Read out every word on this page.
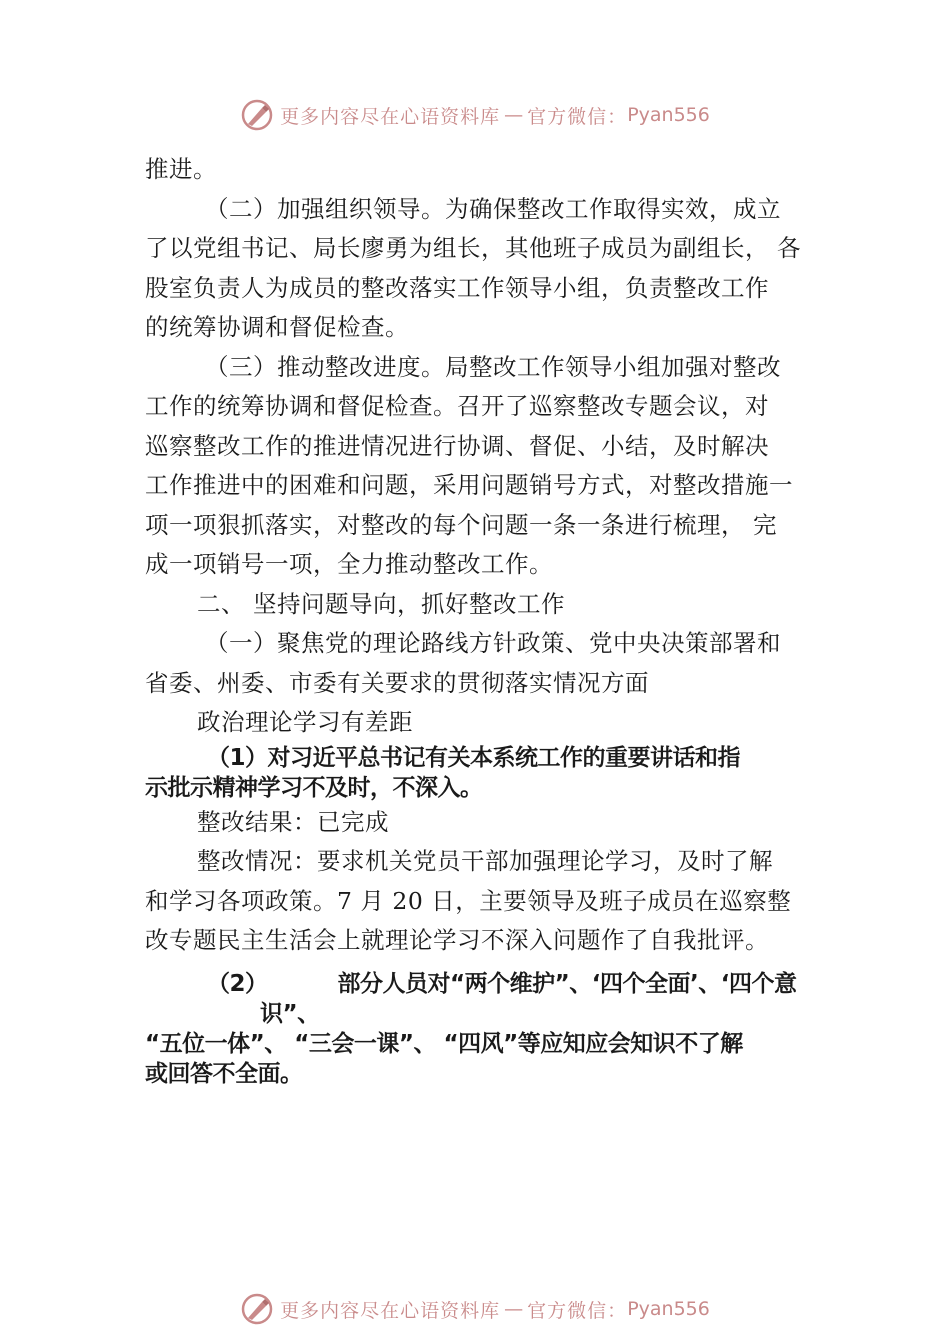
更多内容尽在心语资料库 — 官方微信： Pyan556

推进。

（二）加强组织领导。为确保整改工作取得实效，成立

了以党组书记、局长廖勇为组长，其他班子成员为副组长， 各

股室负责人为成员的整改落实工作领导小组，负责整改工作

的统筹协调和督促检查。

（三）推动整改进度。局整改工作领导小组加强对整改

工作的统筹协调和督促检查。召开了巡察整改专题会议，对

巡察整改工作的推进情况进行协调、督促、小结，及时解决

工作推进中的困难和问题，采用问题销号方式，对整改措施一

项一项狠抓落实，对整改的每个问题一条一条进行梳理， 完

成一项销号一项，全力推动整改工作。

二、 坚持问题导向，抓好整改工作

（一）聚焦党的理论路线方针政策、党中央决策部署和

省委、州委、市委有关要求的贯彻落实情况方面

政治理论学习有差距

（1）对习近平总书记有关本系统工作的重要讲话和指

示批示精神学习不及时，不深入。

整改结果：已完成

整改情况：要求机关党员干部加强理论学习，及时了解

和学习各项政策。7 月 20 日，主要领导及班子成员在巡察整

改专题民主生活会上就理论学习不深入问题作了自我批评。

（2）	部分人员对“两个维护”、‘四个全面’、‘四个意

识”、

“五位一体”、 “三会一课”、 “四风”等应知应会知识不了解

或回答不全面。

更多内容尽在心语资料库 — 官方微信： Pyan556
